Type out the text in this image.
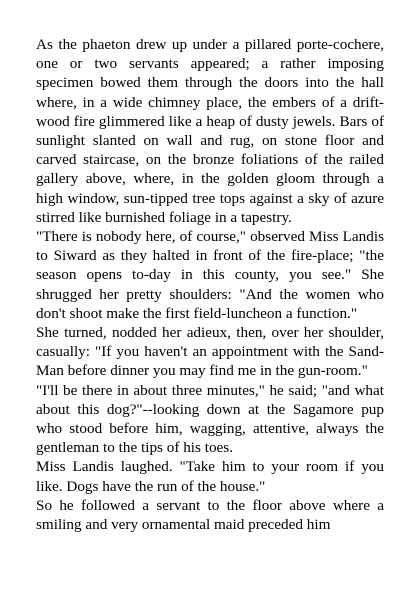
As the phaeton drew up under a pillared porte-cochere, one or two servants appeared; a rather imposing specimen bowed them through the doors into the hall where, in a wide chimney place, the embers of a drift-wood fire glimmered like a heap of dusty jewels. Bars of sunlight slanted on wall and rug, on stone floor and carved staircase, on the bronze foliations of the railed gallery above, where, in the golden gloom through a high window, sun-tipped tree tops against a sky of azure stirred like burnished foliage in a tapestry.

"There is nobody here, of course," observed Miss Landis to Siward as they halted in front of the fire-place; "the season opens to-day in this county, you see." She shrugged her pretty shoulders: "And the women who don't shoot make the first field-luncheon a function."

She turned, nodded her adieux, then, over her shoulder, casually: "If you haven't an appointment with the Sand-Man before dinner you may find me in the gun-room."

"I'll be there in about three minutes," he said; "and what about this dog?"--looking down at the Sagamore pup who stood before him, wagging, attentive, always the gentleman to the tips of his toes.

Miss Landis laughed. "Take him to your room if you like. Dogs have the run of the house."

So he followed a servant to the floor above where a smiling and very ornamental maid preceded him
